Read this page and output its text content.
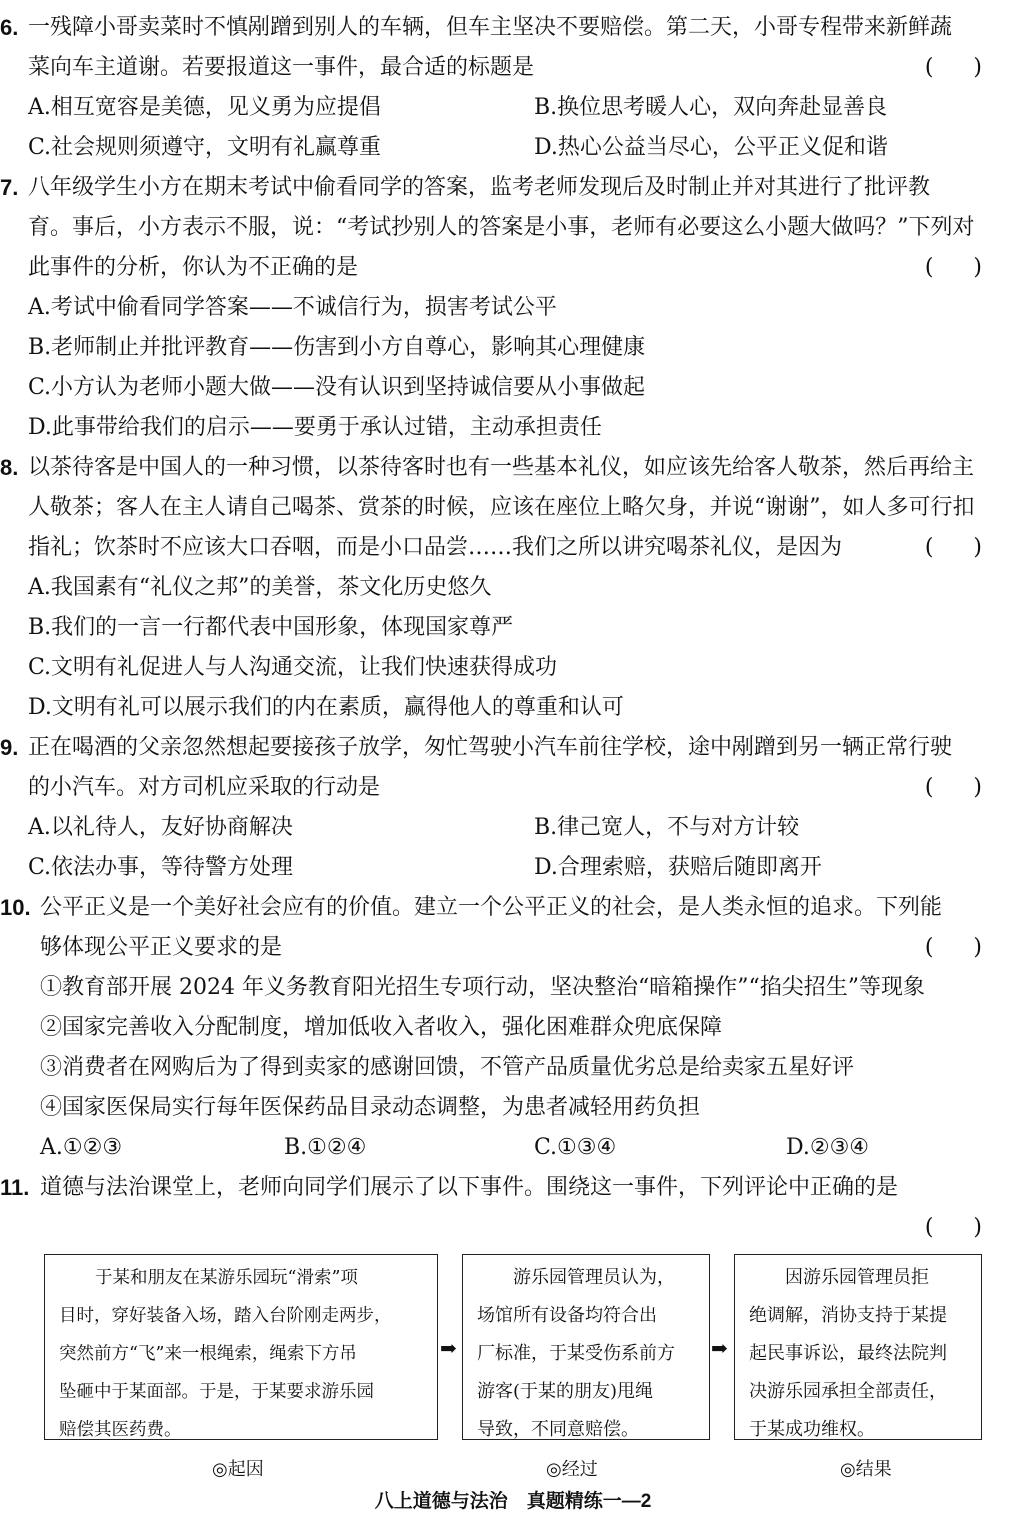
6. 一残障小哥卖菜时不慎剐蹭到别人的车辆，但车主坚决不要赔偿。第二天，小哥专程带来新鲜蔬
菜向车主道谢。若要报道这一事件，最合适的标题是	()
A.相互宽容是美德，见义勇为应提倡	B.换位思考暖人心，双向奔赴显善良
C.社会规则须遵守，文明有礼赢尊重	D.热心公益当尽心，公平正义促和谐
7. 八年级学生小方在期末考试中偷看同学的答案，监考老师发现后及时制止并对其进行了批评教
育。事后，小方表示不服，说：“考试抄别人的答案是小事，老师有必要这么小题大做吗？”下列对
此事件的分析，你认为不正确的是	()
A.考试中偷看同学答案——不诚信行为，损害考试公平
B.老师制止并批评教育——伤害到小方自尊心，影响其心理健康
C.小方认为老师小题大做——没有认识到坚持诚信要从小事做起
D.此事带给我们的启示——要勇于承认过错，主动承担责任
8. 以茶待客是中国人的一种习惯，以茶待客时也有一些基本礼仪，如应该先给客人敬茶，然后再给主
人敬茶；客人在主人请自己喝茶、赏茶的时候，应该在座位上略欠身，并说“谢谢”，如人多可行扣
指礼；饮茶时不应该大口吞咽，而是小口品尝……我们之所以讲究喝茶礼仪，是因为	()
A.我国素有“礼仪之邦”的美誉，茶文化历史悠久
B.我们的一言一行都代表中国形象，体现国家尊严
C.文明有礼促进人与人沟通交流，让我们快速获得成功
D.文明有礼可以展示我们的内在素质，赢得他人的尊重和认可
9. 正在喝酒的父亲忽然想起要接孩子放学，匆忙驾驶小汽车前往学校，途中剐蹭到另一辆正常行驶
的小汽车。对方司机应采取的行动是	()
A.以礼待人，友好协商解决	B.律己宽人，不与对方计较
C.依法办事，等待警方处理	D.合理索赔，获赔后随即离开
10. 公平正义是一个美好社会应有的价值。建立一个公平正义的社会，是人类永恒的追求。下列能
够体现公平正义要求的是	()
①教育部开展 2024 年义务教育阳光招生专项行动，坚决整治“暗箱操作”“掐尖招生”等现象
②国家完善收入分配制度，增加低收入者收入，强化困难群众兜底保障
③消费者在网购后为了得到卖家的感谢回馈，不管产品质量优劣总是给卖家五星好评
④国家医保局实行每年医保药品目录动态调整，为患者减轻用药负担
A.①②③	B.①②④	C.①③④	D.②③④
11. 道德与法治课堂上，老师向同学们展示了以下事件。围绕这一事件，下列评论中正确的是
()
于某和朋友在某游乐园玩“滑索”项
目时，穿好装备入场，踏入台阶刚走两步，
突然前方“飞”来一根绳索，绳索下方吊
坠砸中于某面部。于是，于某要求游乐园
赔偿其医药费。
➡
游乐园管理员认为，
场馆所有设备均符合出
厂标准，于某受伤系前方
游客(于某的朋友)甩绳
导致，不同意赔偿。
➡
因游乐园管理员拒
绝调解，消协支持于某提
起民事诉讼，最终法院判
决游乐园承担全部责任，
于某成功维权。
◎起因	◎经过	◎结果
八上道德与法治　真题精练一—2
